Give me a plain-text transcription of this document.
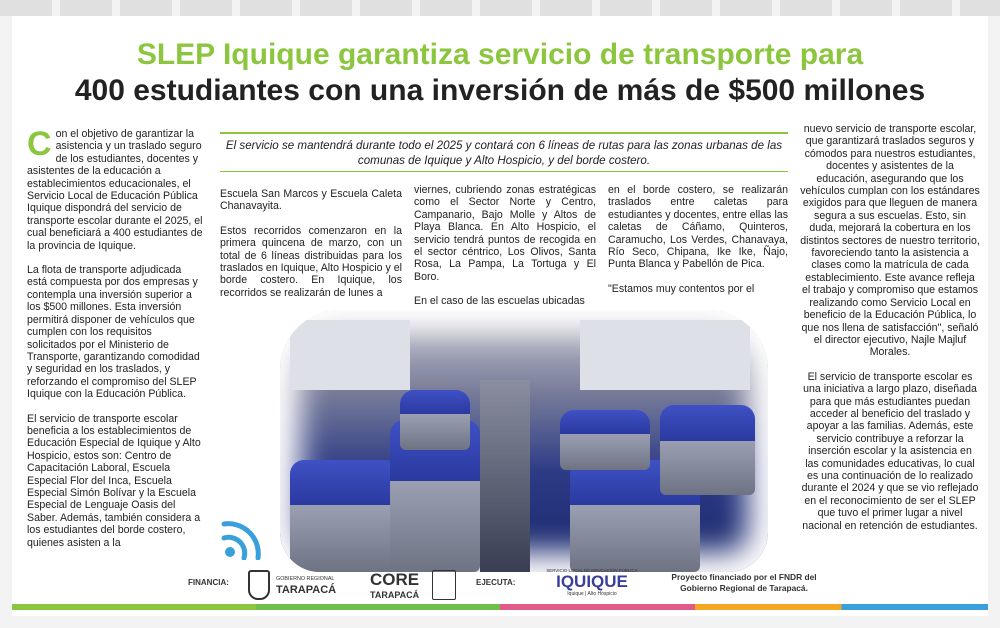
SLEP Iquique garantiza servicio de transporte para
400 estudiantes con una inversión de más de $500 millones

Con el objetivo de garantizar la asistencia y un traslado seguro de los estudiantes, docentes y asistentes de la educación a establecimientos educacionales, el Servicio Local de Educación Pública Iquique dispondrá del servicio de transporte escolar durante el 2025, el cual beneficiará a 400 estudiantes de la provincia de Iquique.

La flota de transporte adjudicada está compuesta por dos empresas y contempla una inversión superior a los $500 millones. Esta inversión permitirá disponer de vehículos que cumplen con los requisitos solicitados por el Ministerio de Transporte, garantizando comodidad y seguridad en los traslados, y reforzando el compromiso del SLEP Iquique con la Educación Pública.

El servicio de transporte escolar beneficia a los establecimientos de Educación Especial de Iquique y Alto Hospicio, estos son: Centro de Capacitación Laboral, Escuela Especial Flor del Inca, Escuela Especial Simón Bolívar y la Escuela Especial de Lenguaje Oasis del Saber. Además, también considera a los estudiantes del borde costero, quienes asisten a la

El servicio se mantendrá durante todo el 2025 y contará con 6 líneas de rutas para las zonas urbanas de las comunas de Iquique y Alto Hospicio, y del borde costero.

Escuela San Marcos y Escuela Caleta Chanavayita.

Estos recorridos comenzaron en la primera quincena de marzo, con un total de 6 líneas distribuidas para los traslados en Iquique, Alto Hospicio y el borde costero. En Iquique, los recorridos se realizarán de lunes a

viernes, cubriendo zonas estratégicas como el Sector Norte y Centro, Campanario, Bajo Molle y Altos de Playa Blanca. En Alto Hospicio, el servicio tendrá puntos de recogida en el sector céntrico, Los Olivos, Santa Rosa, La Pampa, La Tortuga y El Boro.

En el caso de las escuelas ubicadas

en el borde costero, se realizarán traslados entre caletas para estudiantes y docentes, entre ellas las caletas de Cáñamo, Quinteros, Caramucho, Los Verdes, Chanavaya, Río Seco, Chipana, Ike Ike, Ñajo, Punta Blanca y Pabellón de Pica.

"Estamos muy contentos por el

nuevo servicio de transporte escolar, que garantizará traslados seguros y cómodos para nuestros estudiantes, docentes y asistentes de la educación, asegurando que los vehículos cumplan con los estándares exigidos para que lleguen de manera segura a sus escuelas. Esto, sin duda, mejorará la cobertura en los distintos sectores de nuestro territorio, favoreciendo tanto la asistencia a clases como la matrícula de cada establecimiento. Este avance refleja el trabajo y compromiso que estamos realizando como Servicio Local en beneficio de la Educación Pública, lo que nos llena de satisfacción", señaló el director ejecutivo, Najle Majluf Morales.

El servicio de transporte escolar es una iniciativa a largo plazo, diseñada para que más estudiantes puedan acceder al beneficio del traslado y apoyar a las familias. Además, este servicio contribuye a reforzar la inserción escolar y la asistencia en las comunidades educativas, lo cual es una continuación de lo realizado durante el 2024 y que se vio reflejado en el reconocimiento de ser el SLEP que tuvo el primer lugar a nivel nacional en retención de estudiantes.

FINANCIA:	GOBIERNO REGIONAL
TARAPACÁ
CORE
TARAPACÁ
EJECUTA:
SERVICIO LOCAL DE EDUCACIÓN PÚBLICA
IQUIQUE
Iquique | Alto Hospicio
Proyecto financiado por el FNDR del Gobierno Regional de Tarapacá.
